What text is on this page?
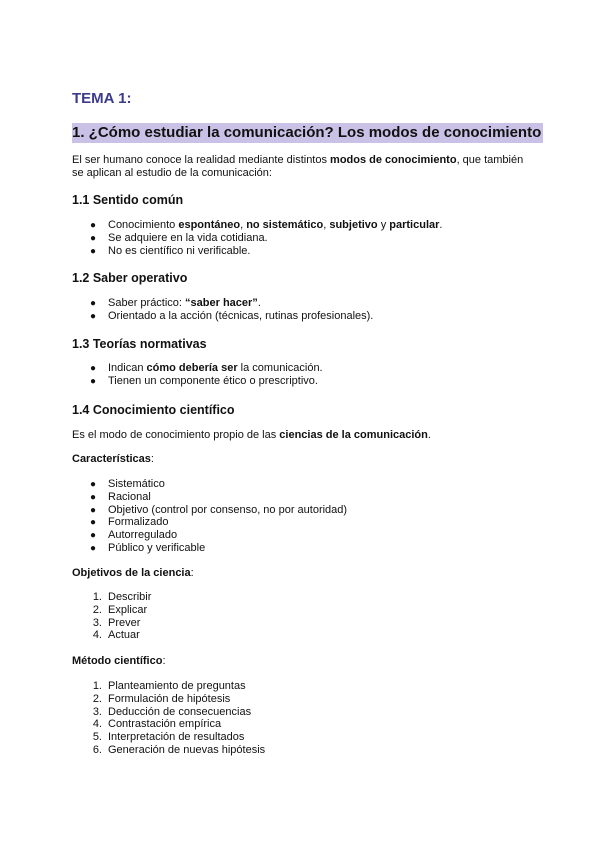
TEMA 1:
1. ¿Cómo estudiar la comunicación? Los modos de conocimiento
El ser humano conoce la realidad mediante distintos modos de conocimiento, que también
se aplican al estudio de la comunicación:
1.1 Sentido común
● Conocimiento espontáneo, no sistemático, subjetivo y particular.
● Se adquiere en la vida cotidiana.
● No es científico ni verificable.
1.2 Saber operativo
● Saber práctico: “saber hacer”.
● Orientado a la acción (técnicas, rutinas profesionales).
1.3 Teorías normativas
● Indican cómo debería ser la comunicación.
● Tienen un componente ético o prescriptivo.
1.4 Conocimiento científico
Es el modo de conocimiento propio de las ciencias de la comunicación.
Características:
● Sistemático
● Racional
● Objetivo (control por consenso, no por autoridad)
● Formalizado
● Autorregulado
● Público y verificable
Objetivos de la ciencia:
1. Describir
2. Explicar
3. Prever
4. Actuar
Método científico:
1. Planteamiento de preguntas
2. Formulación de hipótesis
3. Deducción de consecuencias
4. Contrastación empírica
5. Interpretación de resultados
6. Generación de nuevas hipótesis
